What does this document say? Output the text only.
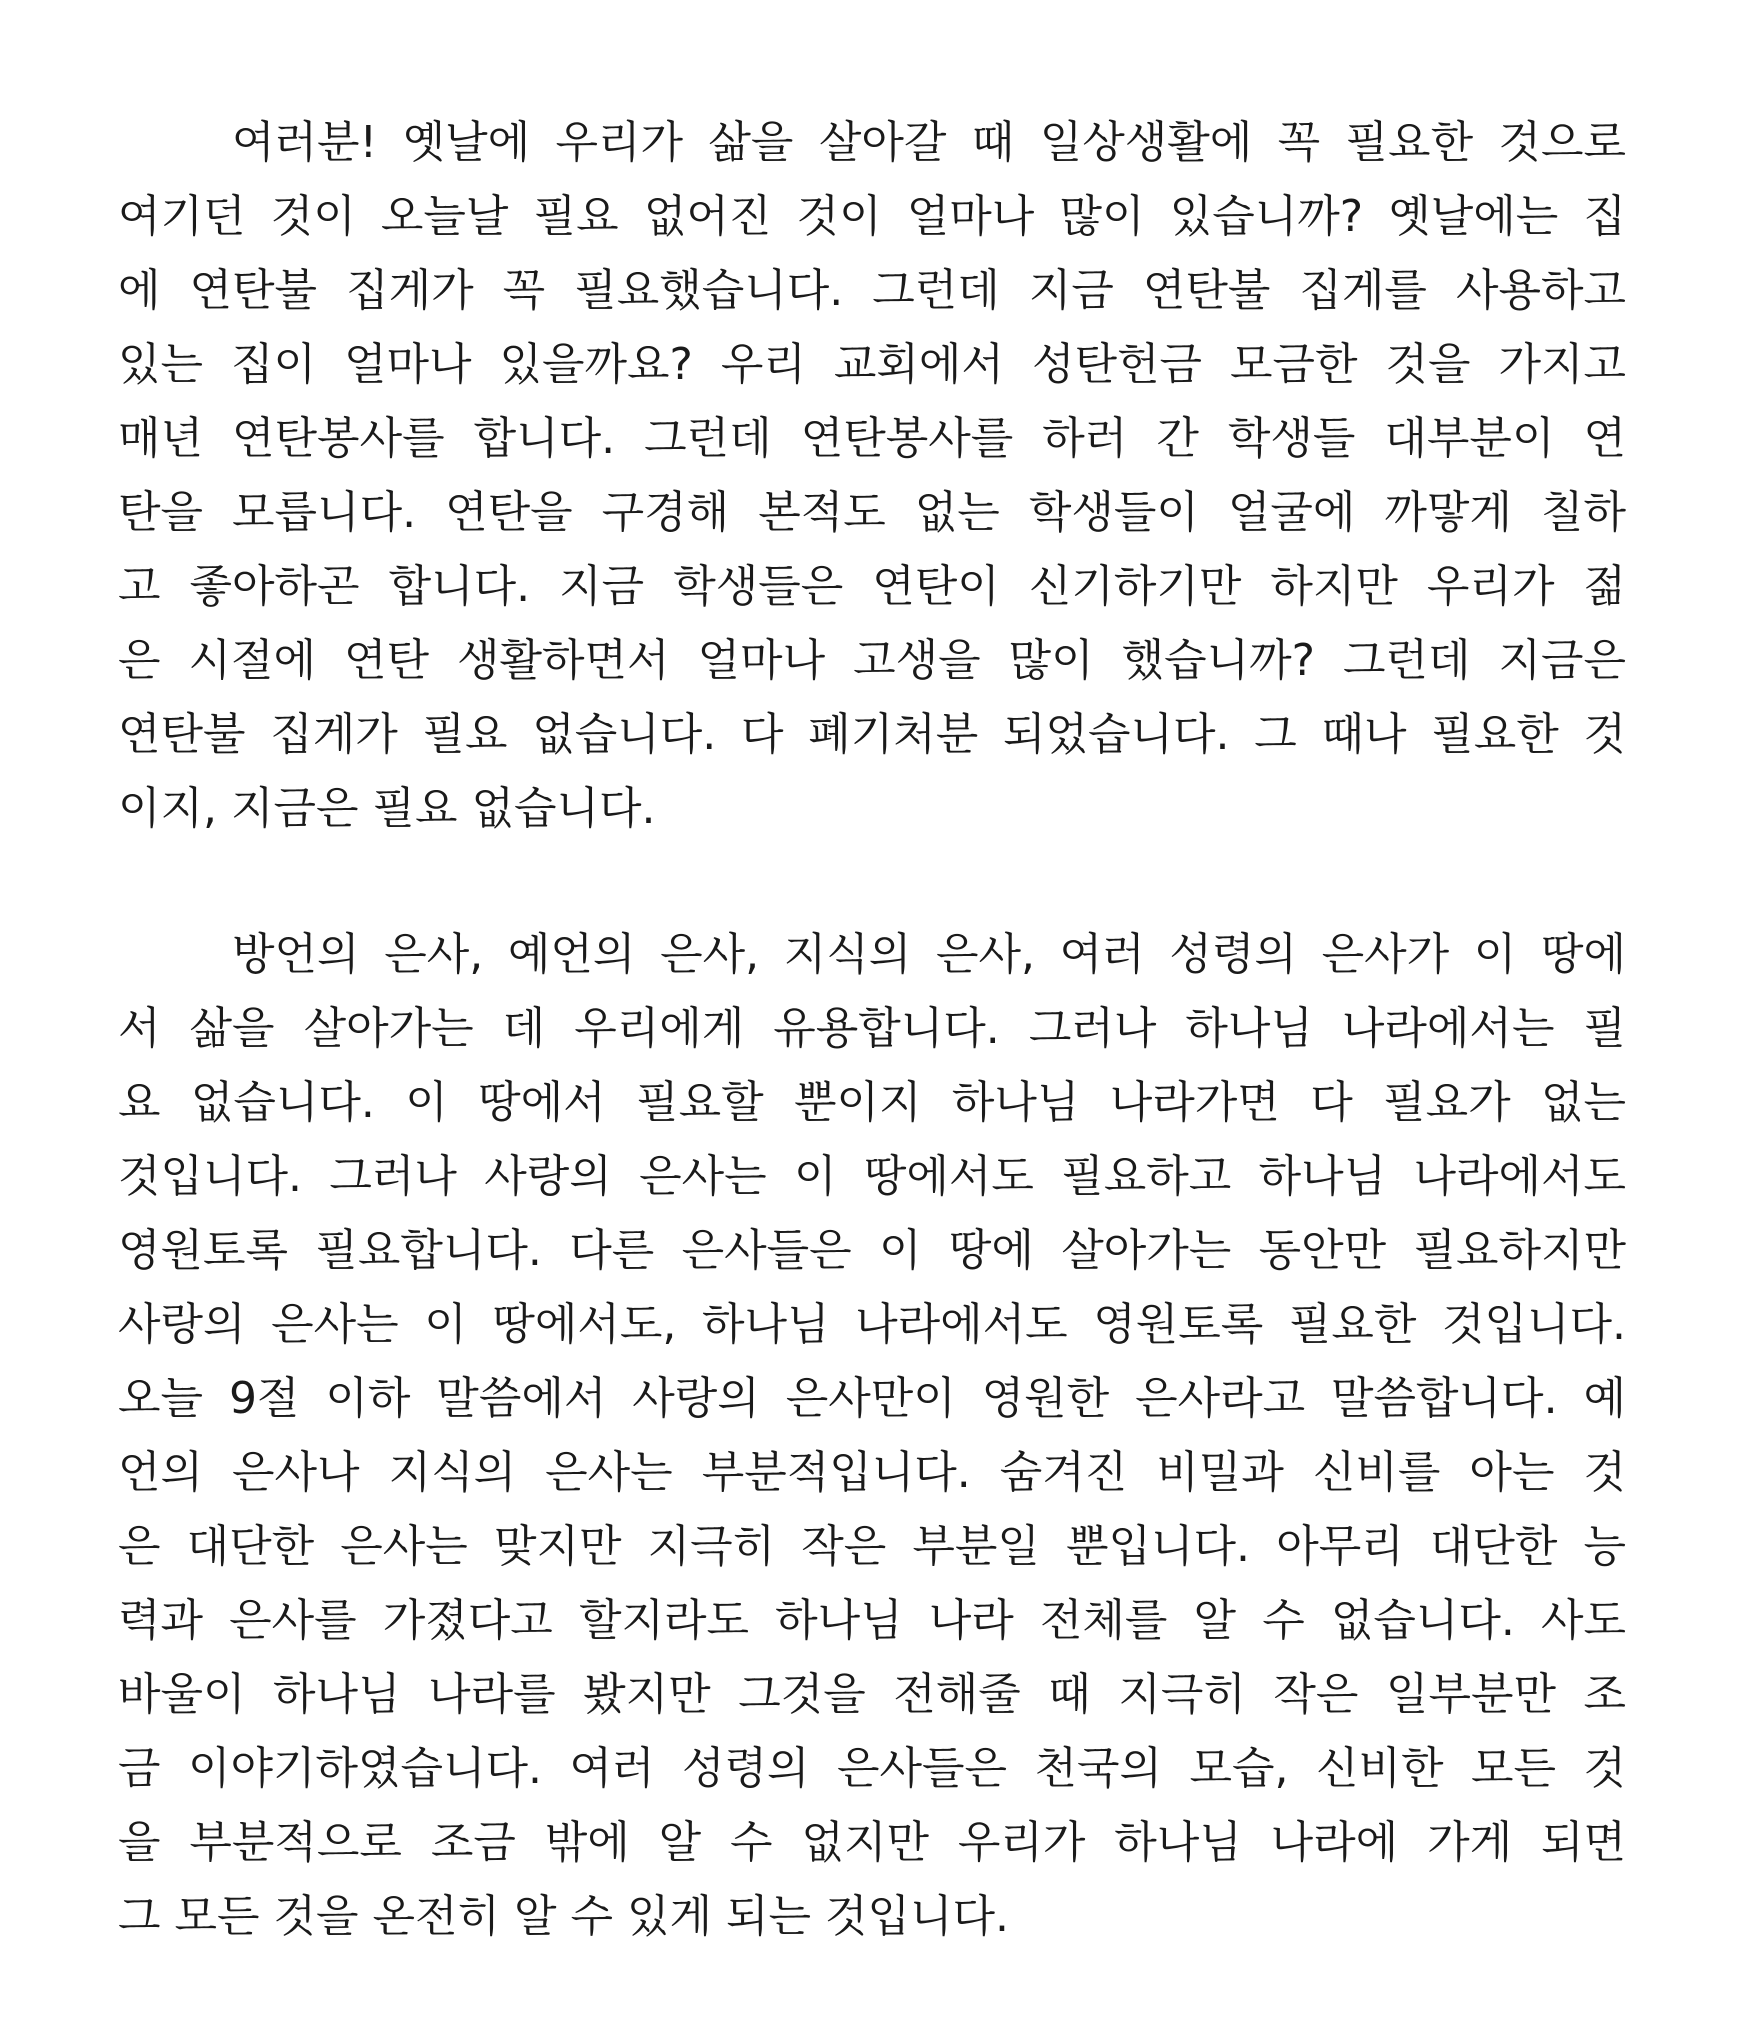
여러분! 옛날에 우리가 삶을 살아갈 때 일상생활에 꼭 필요한 것으로
여기던 것이 오늘날 필요 없어진 것이 얼마나 많이 있습니까? 옛날에는 집
에 연탄불 집게가 꼭 필요했습니다. 그런데 지금 연탄불 집게를 사용하고
있는 집이 얼마나 있을까요? 우리 교회에서 성탄헌금 모금한 것을 가지고
매년 연탄봉사를 합니다. 그런데 연탄봉사를 하러 간 학생들 대부분이 연
탄을 모릅니다. 연탄을 구경해 본적도 없는 학생들이 얼굴에 까맣게 칠하
고 좋아하곤 합니다. 지금 학생들은 연탄이 신기하기만 하지만 우리가 젊
은 시절에 연탄 생활하면서 얼마나 고생을 많이 했습니까? 그런데 지금은
연탄불 집게가 필요 없습니다. 다 폐기처분 되었습니다. 그 때나 필요한 것
이지, 지금은 필요 없습니다.
방언의 은사, 예언의 은사, 지식의 은사, 여러 성령의 은사가 이 땅에
서 삶을 살아가는 데 우리에게 유용합니다. 그러나 하나님 나라에서는 필
요 없습니다. 이 땅에서 필요할 뿐이지 하나님 나라가면 다 필요가 없는
것입니다. 그러나 사랑의 은사는 이 땅에서도 필요하고 하나님 나라에서도
영원토록 필요합니다. 다른 은사들은 이 땅에 살아가는 동안만 필요하지만
사랑의 은사는 이 땅에서도, 하나님 나라에서도 영원토록 필요한 것입니다.
오늘 9절 이하 말씀에서 사랑의 은사만이 영원한 은사라고 말씀합니다. 예
언의 은사나 지식의 은사는 부분적입니다. 숨겨진 비밀과 신비를 아는 것
은 대단한 은사는 맞지만 지극히 작은 부분일 뿐입니다. 아무리 대단한 능
력과 은사를 가졌다고 할지라도 하나님 나라 전체를 알 수 없습니다. 사도
바울이 하나님 나라를 봤지만 그것을 전해줄 때 지극히 작은 일부분만 조
금 이야기하였습니다. 여러 성령의 은사들은 천국의 모습, 신비한 모든 것
을 부분적으로 조금 밖에 알 수 없지만 우리가 하나님 나라에 가게 되면
그 모든 것을 온전히 알 수 있게 되는 것입니다.
